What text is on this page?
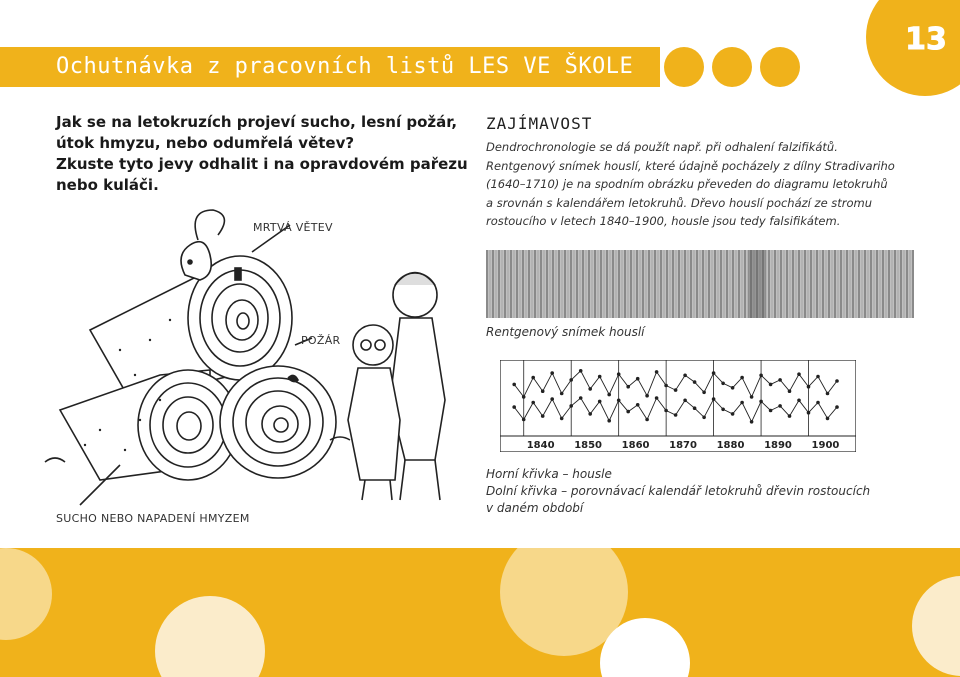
Ochutnávka z pracovních listů LES VE ŠKOLE
13
Jak se na letokruzích projeví sucho, lesní požár,
útok hmyzu, nebo odumřelá větev?
Zkuste tyto jevy odhalit i na opravdovém pařezu
nebo kuláči.
MRTVÁ VĚTEV
POŽÁR
SUCHO NEBO NAPADENÍ HMYZEM
ZAJÍMAVOST
Dendrochronologie se dá použít např. při odhalení falzifikátů.
Rentgenový snímek houslí, které údajně pocházely z dílny Stradivariho
(1640–1710) je na spodním obrázku převeden do diagramu letokruhů
a srovnán s kalendářem letokruhů. Dřevo houslí pochází ze stromu
rostoucího v letech 1840–1900, housle jsou tedy falsifikátem.
Rentgenový snímek houslí
1840 1850 1860 1870 1880 1890 1900
Horní křivka – housle
Dolní křivka – porovnávací kalendář letokruhů dřevin rostoucích
v daném období
